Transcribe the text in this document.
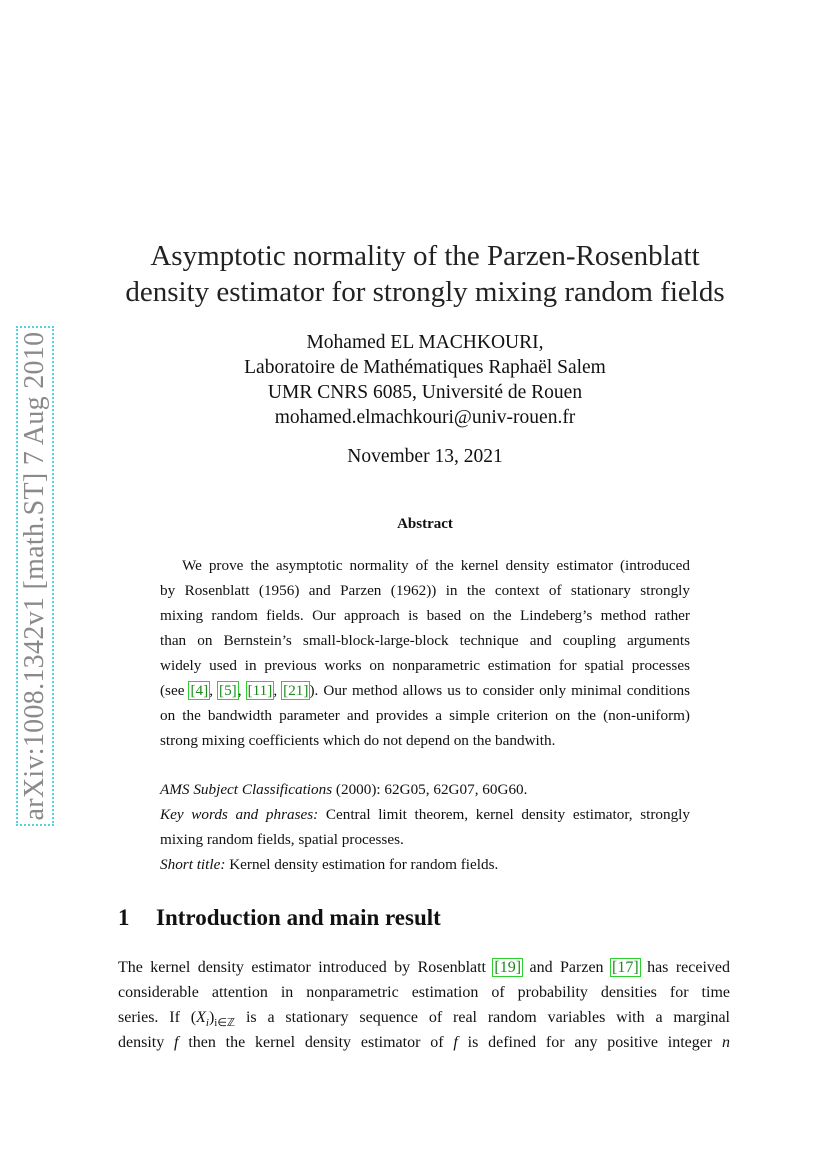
arXiv:1008.1342v1 [math.ST] 7 Aug 2010
Asymptotic normality of the Parzen-Rosenblatt
density estimator for strongly mixing random fields
Mohamed EL MACHKOURI,
Laboratoire de Mathématiques Raphaël Salem
UMR CNRS 6085, Université de Rouen
mohamed.elmachkouri@univ-rouen.fr
November 13, 2021
Abstract
We prove the asymptotic normality of the kernel density estimator (introduced
by Rosenblatt (1956) and Parzen (1962)) in the context of stationary strongly
mixing random fields. Our approach is based on the Lindeberg’s method rather
than on Bernstein’s small-block-large-block technique and coupling arguments
widely used in previous works on nonparametric estimation for spatial processes
(see [4], [5], [11], [21]). Our method allows us to consider only minimal conditions
on the bandwidth parameter and provides a simple criterion on the (non-uniform)
strong mixing coefficients which do not depend on the bandwith.
AMS Subject Classifications (2000): 62G05, 62G07, 60G60.
Key words and phrases: Central limit theorem, kernel density estimator, strongly
mixing random fields, spatial processes.
Short title: Kernel density estimation for random fields.
1 Introduction and main result
The kernel density estimator introduced by Rosenblatt [19] and Parzen [17] has received
considerable attention in nonparametric estimation of probability densities for time
series. If $(X_i)_{i\in ℤ}$ is a stationary sequence of real random variables with a marginal
density f then the kernel density estimator of f is defined for any positive integer n
